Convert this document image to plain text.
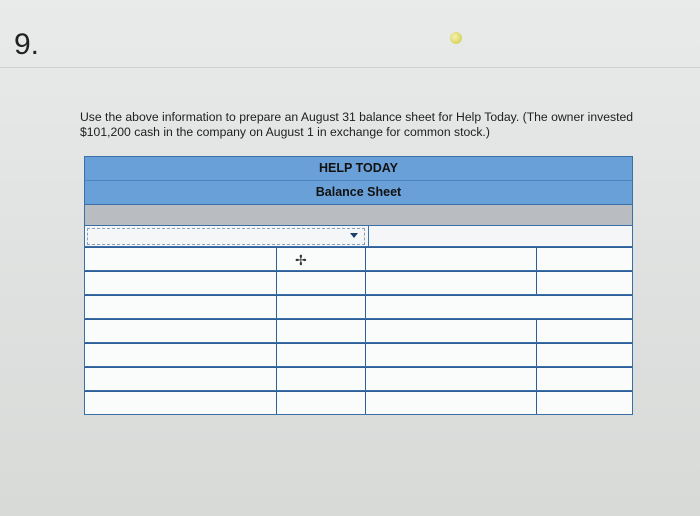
9.
Use the above information to prepare an August 31 balance sheet for Help Today. (The owner invested $101,200 cash in the company on August 1 in exchange for common stock.)
HELP TODAY
Balance Sheet
✢
